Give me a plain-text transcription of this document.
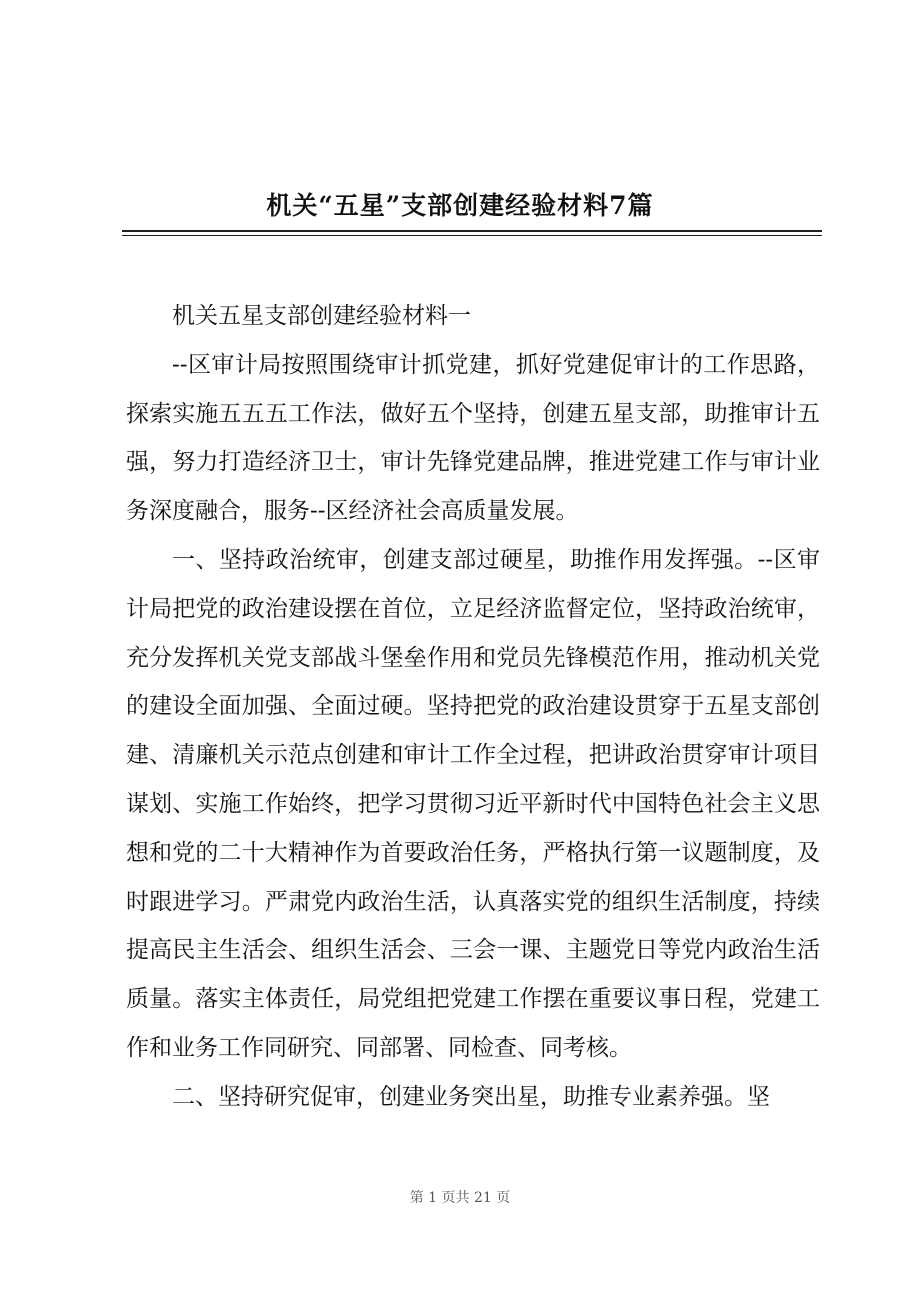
机关“五星”支部创建经验材料7篇

机关五星支部创建经验材料一

--区审计局按照围绕审计抓党建，抓好党建促审计的工作思路，探索实施五五五工作法，做好五个坚持，创建五星支部，助推审计五强，努力打造经济卫士，审计先锋党建品牌，推进党建工作与审计业务深度融合，服务--区经济社会高质量发展。

一、坚持政治统审，创建支部过硬星，助推作用发挥强。--区审计局把党的政治建设摆在首位，立足经济监督定位，坚持政治统审，充分发挥机关党支部战斗堡垒作用和党员先锋模范作用，推动机关党的建设全面加强、全面过硬。坚持把党的政治建设贯穿于五星支部创建、清廉机关示范点创建和审计工作全过程，把讲政治贯穿审计项目谋划、实施工作始终，把学习贯彻习近平新时代中国特色社会主义思想和党的二十大精神作为首要政治任务，严格执行第一议题制度，及时跟进学习。严肃党内政治生活，认真落实党的组织生活制度，持续提高民主生活会、组织生活会、三会一课、主题党日等党内政治生活质量。落实主体责任，局党组把党建工作摆在重要议事日程，党建工作和业务工作同研究、同部署、同检查、同考核。

二、坚持研究促审，创建业务突出星，助推专业素养强。坚

第 1 页共 21 页
